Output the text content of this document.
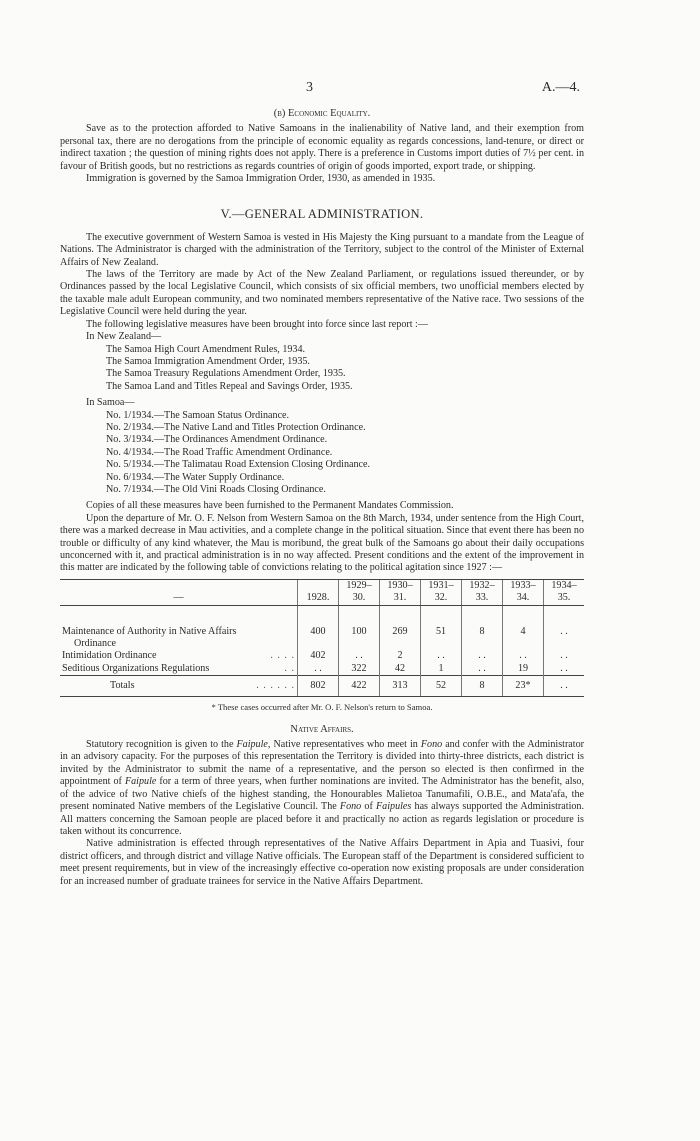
3	A.—4.
(b) Economic Equality.

Save as to the protection afforded to Native Samoans in the inalienability of Native land, and their exemption from personal tax, there are no derogations from the principle of economic equality as regards concessions, land-tenure, or direct or indirect taxation ; the question of mining rights does not apply. There is a preference in Customs import duties of 7½ per cent. in favour of British goods, but no restrictions as regards countries of origin of goods imported, export trade, or shipping.

Immigration is governed by the Samoa Immigration Order, 1930, as amended in 1935.

V.—GENERAL ADMINISTRATION.

The executive government of Western Samoa is vested in His Majesty the King pursuant to a mandate from the League of Nations. The Administrator is charged with the administration of the Territory, subject to the control of the Minister of External Affairs of New Zealand.

The laws of the Territory are made by Act of the New Zealand Parliament, or regulations issued thereunder, or by Ordinances passed by the local Legislative Council, which consists of six official members, two unofficial members elected by the taxable male adult European community, and two nominated members representative of the Native race. Two sessions of the Legislative Council were held during the year.

The following legislative measures have been brought into force since last report :—

In New Zealand—
The Samoa High Court Amendment Rules, 1934.
The Samoa Immigration Amendment Order, 1935.
The Samoa Treasury Regulations Amendment Order, 1935.
The Samoa Land and Titles Repeal and Savings Order, 1935.
In Samoa—
No. 1/1934.—The Samoan Status Ordinance.
No. 2/1934.—The Native Land and Titles Protection Ordinance.
No. 3/1934.—The Ordinances Amendment Ordinance.
No. 4/1934.—The Road Traffic Amendment Ordinance.
No. 5/1934.—The Talimatau Road Extension Closing Ordinance.
No. 6/1934.—The Water Supply Ordinance.
No. 7/1934.—The Old Vini Roads Closing Ordinance.

Copies of all these measures have been furnished to the Permanent Mandates Commission.

Upon the departure of Mr. O. F. Nelson from Western Samoa on the 8th March, 1934, under sentence from the High Court, there was a marked decrease in Mau activities, and a complete change in the political situation. Since that event there has been no trouble or difficulty of any kind whatever, the Mau is moribund, the great bulk of the Samoans go about their daily occupations unconcerned with it, and practical administration is in no way affected. Present conditions and the extent of the improvement in this matter are indicated by the following table of convictions relating to the political agitation since 1927 :—

—	1928.	1929–30.	1930–31.	1931–32.	1932–33.	1933–34.	1934–35.

Maintenance of Authority in Native Affairs	400	100	269	51	8	4	. .
Ordinance							
Intimidation Ordinance . . . .	402	. .	2	. .	. .	. .	. .
Seditious Organizations Regulations . .	. .	322	42	1	. .	19	. .
Totals . . . . . .	802	422	313	52	8	23*	. .
* These cases occurred after Mr. O. F. Nelson's return to Samoa.
Native Affairs.

Statutory recognition is given to the Faipule, Native representatives who meet in Fono and confer with the Administrator in an advisory capacity. For the purposes of this representation the Territory is divided into thirty-three districts, each district is invited by the Administrator to submit the name of a representative, and the person so elected is then confirmed in the appointment of Faipule for a term of three years, when further nominations are invited. The Administrator has the benefit, also, of the advice of two Native chiefs of the highest standing, the Honourables Malietoa Tanumafili, O.B.E., and Mata'afa, the present nominated Native members of the Legislative Council. The Fono of Faipules has always supported the Administration. All matters concerning the Samoan people are placed before it and practically no action as regards legislation or procedure is taken without its concurrence.

Native administration is effected through representatives of the Native Affairs Department in Apia and Tuasivi, four district officers, and through district and village Native officials. The European staff of the Department is considered sufficient to meet present requirements, but in view of the increasingly effective co-operation now existing proposals are under consideration for an increased number of graduate trainees for service in the Native Affairs Department.
